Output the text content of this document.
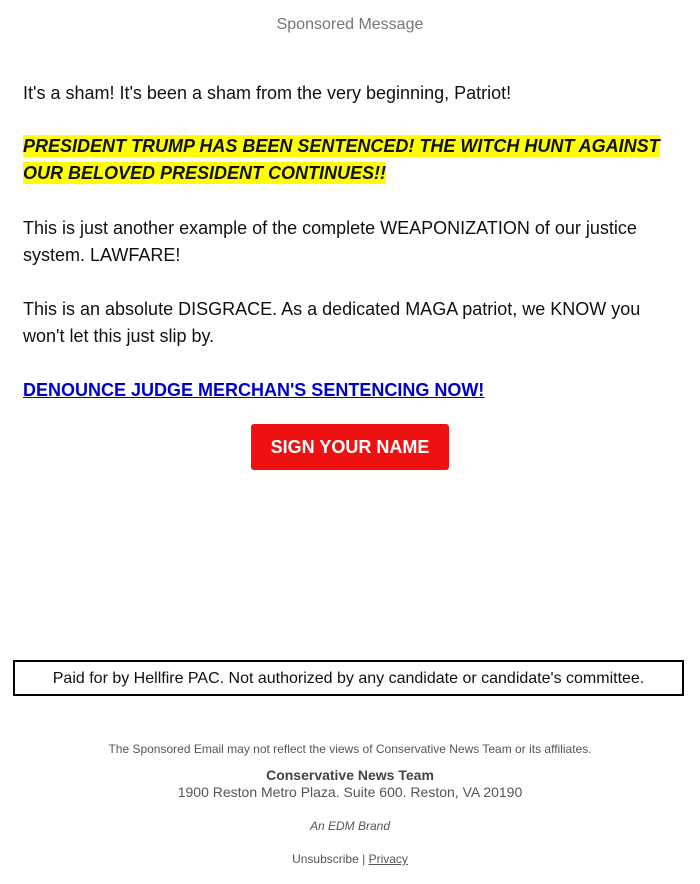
Sponsored Message
It's a sham! It's been a sham from the very beginning, Patriot!
PRESIDENT TRUMP HAS BEEN SENTENCED! THE WITCH HUNT AGAINST
OUR BELOVED PRESIDENT CONTINUES!!
This is just another example of the complete WEAPONIZATION of our justice system. LAWFARE!
This is an absolute DISGRACE. As a dedicated MAGA patriot, we KNOW you won't let this just slip by.
DENOUNCE JUDGE MERCHAN'S SENTENCING NOW!
SIGN YOUR NAME
Paid for by Hellfire PAC. Not authorized by any candidate or candidate's committee.
The Sponsored Email may not reflect the views of Conservative News Team or its affiliates.
Conservative News Team
1900 Reston Metro Plaza. Suite 600. Reston, VA 20190
An EDM Brand
Unsubscribe | Privacy
